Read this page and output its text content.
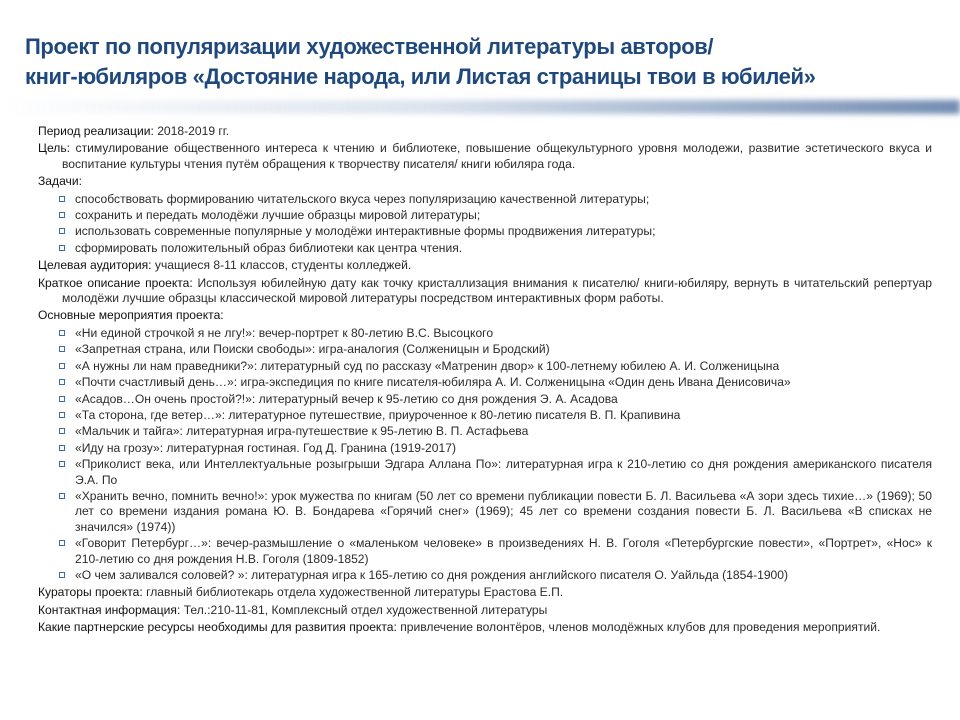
Проект по популяризации художественной литературы авторов/
книг-юбиляров «Достояние народа, или Листая страницы твои в юбилей»

Период реализации: 2018-2019 гг.

Цель: стимулирование общественного интереса к чтению и библиотеке, повышение общекультурного уровня молодежи, развитие эстетического вкуса и воспитание культуры чтения путём обращения к творчеству писателя/ книги юбиляра года.

Задачи:

способствовать формированию читательского вкуса через популяризацию качественной литературы;
сохранить и передать молодёжи лучшие образцы мировой литературы;
использовать современные популярные у молодёжи интерактивные формы продвижения литературы;
сформировать положительный образ библиотеки как центра чтения.

Целевая аудитория: учащиеся 8-11 классов, студенты колледжей.

Краткое описание проекта: Используя юбилейную дату как точку кристаллизация внимания к писателю/ книги-юбиляру, вернуть в читательский репертуар молодёжи лучшие образцы классической мировой литературы посредством интерактивных форм работы.

Основные мероприятия проекта:

«Ни единой строчкой я не лгу!»: вечер-портрет к 80-летию В.С. Высоцкого
«Запретная страна, или Поиски свободы»: игра-аналогия (Солженицын и Бродский)
«А нужны ли нам праведники?»: литературный суд по рассказу «Матренин двор» к 100-летнему юбилею А. И. Солженицына
«Почти счастливый день…»: игра-экспедиция по книге писателя-юбиляра А. И. Солженицына «Один день Ивана Денисовича»
«Асадов…Он очень простой?!»: литературный вечер к 95-летию со дня рождения Э. А. Асадова
«Та сторона, где ветер…»: литературное путешествие, приуроченное к 80-летию писателя В. П. Крапивина
«Мальчик и тайга»: литературная игра-путешествие к 95-летию В. П. Астафьева
«Иду на грозу»: литературная гостиная. Год Д. Гранина (1919-2017)
«Приколист века, или Интеллектуальные розыгрыши Эдгара Аллана По»: литературная игра к 210-летию со дня рождения американского писателя Э.А. По
«Хранить вечно, помнить вечно!»: урок мужества по книгам (50 лет со времени публикации повести Б. Л. Васильева «А зори здесь тихие…» (1969); 50 лет со времени издания романа Ю. В. Бондарева «Горячий снег» (1969); 45 лет со времени создания повести Б. Л. Васильева «В списках не значился» (1974))
«Говорит Петербург…»: вечер-размышление о «маленьком человеке» в произведениях Н. В. Гоголя «Петербургские повести», «Портрет», «Нос» к 210-летию со дня рождения Н.В. Гоголя (1809-1852)
«О чем заливался соловей? »: литературная игра к 165-летию со дня рождения английского писателя О. Уайльда (1854-1900)

Кураторы проекта: главный библиотекарь отдела художественной литературы Ерастова Е.П.

Контактная информация: Тел.:210-11-81, Комплексный отдел художественной литературы

Какие партнерские ресурсы необходимы для развития проекта: привлечение волонтёров, членов молодёжных клубов для проведения мероприятий.
